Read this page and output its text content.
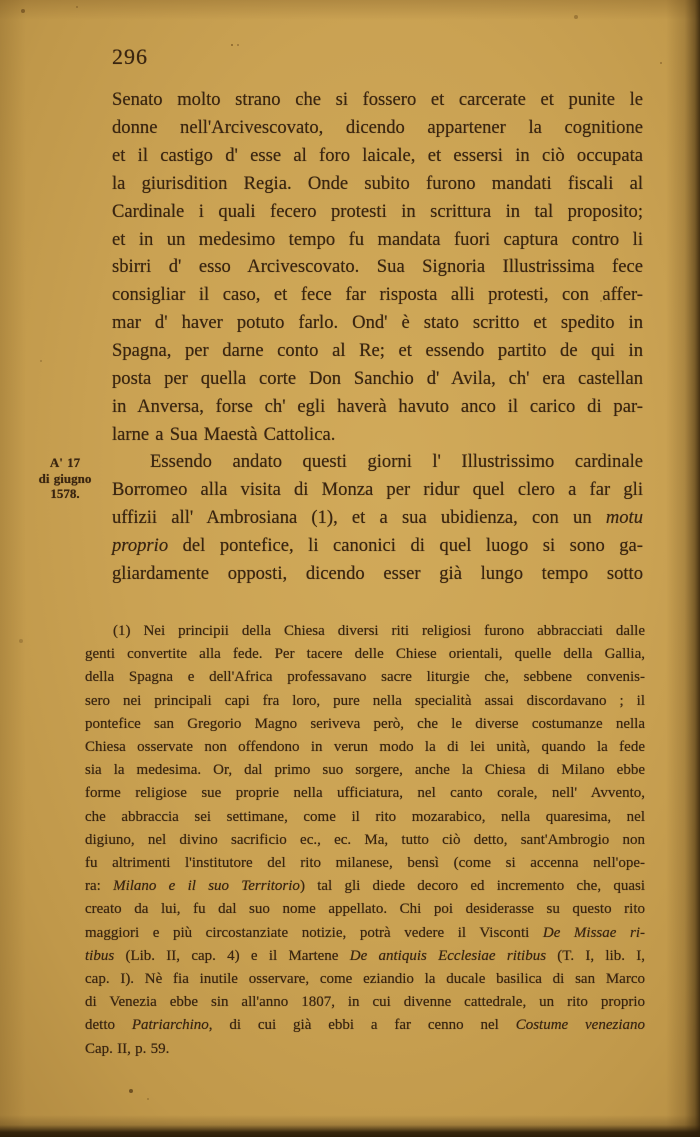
296
A' 17
di giugno
1578.
Senato molto strano che si fossero et carcerate et punite le
donne nell'Arcivescovato, dicendo appartener la cognitione
et il castigo d' esse al foro laicale, et essersi in ciò occupata
la giurisdition Regia. Onde subito furono mandati fiscali al
Cardinale i quali fecero protesti in scrittura in tal proposito;
et in un medesimo tempo fu mandata fuori captura contro li
sbirri d' esso Arcivescovato. Sua Signoria Illustrissima fece
consigliar il caso, et fece far risposta alli protesti, con affer-
mar d' haver potuto farlo. Ond' è stato scritto et spedito in
Spagna, per darne conto al Re; et essendo partito de qui in
posta per quella corte Don Sanchio d' Avila, ch' era castellan
in Anversa, forse ch' egli haverà havuto anco il carico di par-
larne a Sua Maestà Cattolica.
Essendo andato questi giorni l' Illustrissimo cardinale
Borromeo alla visita di Monza per ridur quel clero a far gli
uffizii all' Ambrosiana (1), et a sua ubidienza, con un motu
proprio del pontefice, li canonici di quel luogo si sono ga-
gliardamente opposti, dicendo esser già lungo tempo sotto
(1) Nei principii della Chiesa diversi riti religiosi furono abbracciati dalle
genti convertite alla fede. Per tacere delle Chiese orientali, quelle della Gallia,
della Spagna e dell'Africa professavano sacre liturgie che, sebbene convenis-
sero nei principali capi fra loro, pure nella specialità assai discordavano ; il
pontefice san Gregorio Magno seriveva però, che le diverse costumanze nella
Chiesa osservate non offendono in verun modo la di lei unità, quando la fede
sia la medesima. Or, dal primo suo sorgere, anche la Chiesa di Milano ebbe
forme religiose sue proprie nella ufficiatura, nel canto corale, nell' Avvento,
che abbraccia sei settimane, come il rito mozarabico, nella quaresima, nel
digiuno, nel divino sacrificio ec., ec. Ma, tutto ciò detto, sant'Ambrogio non
fu altrimenti l'institutore del rito milanese, bensì (come si accenna nell'ope-
ra: Milano e il suo Territorio) tal gli diede decoro ed incremento che, quasi
creato da lui, fu dal suo nome appellato. Chi poi desiderasse su questo rito
maggiori e più circostanziate notizie, potrà vedere il Visconti De Missae ri-
tibus (Lib. II, cap. 4) e il Martene De antiquis Ecclesiae ritibus (T. I, lib. I,
cap. I). Nè fia inutile osservare, come eziandio la ducale basilica di san Marco
di Venezia ebbe sin all'anno 1807, in cui divenne cattedrale, un rito proprio
detto Patriarchino, di cui già ebbi a far cenno nel Costume veneziano
Cap. II, p. 59.
